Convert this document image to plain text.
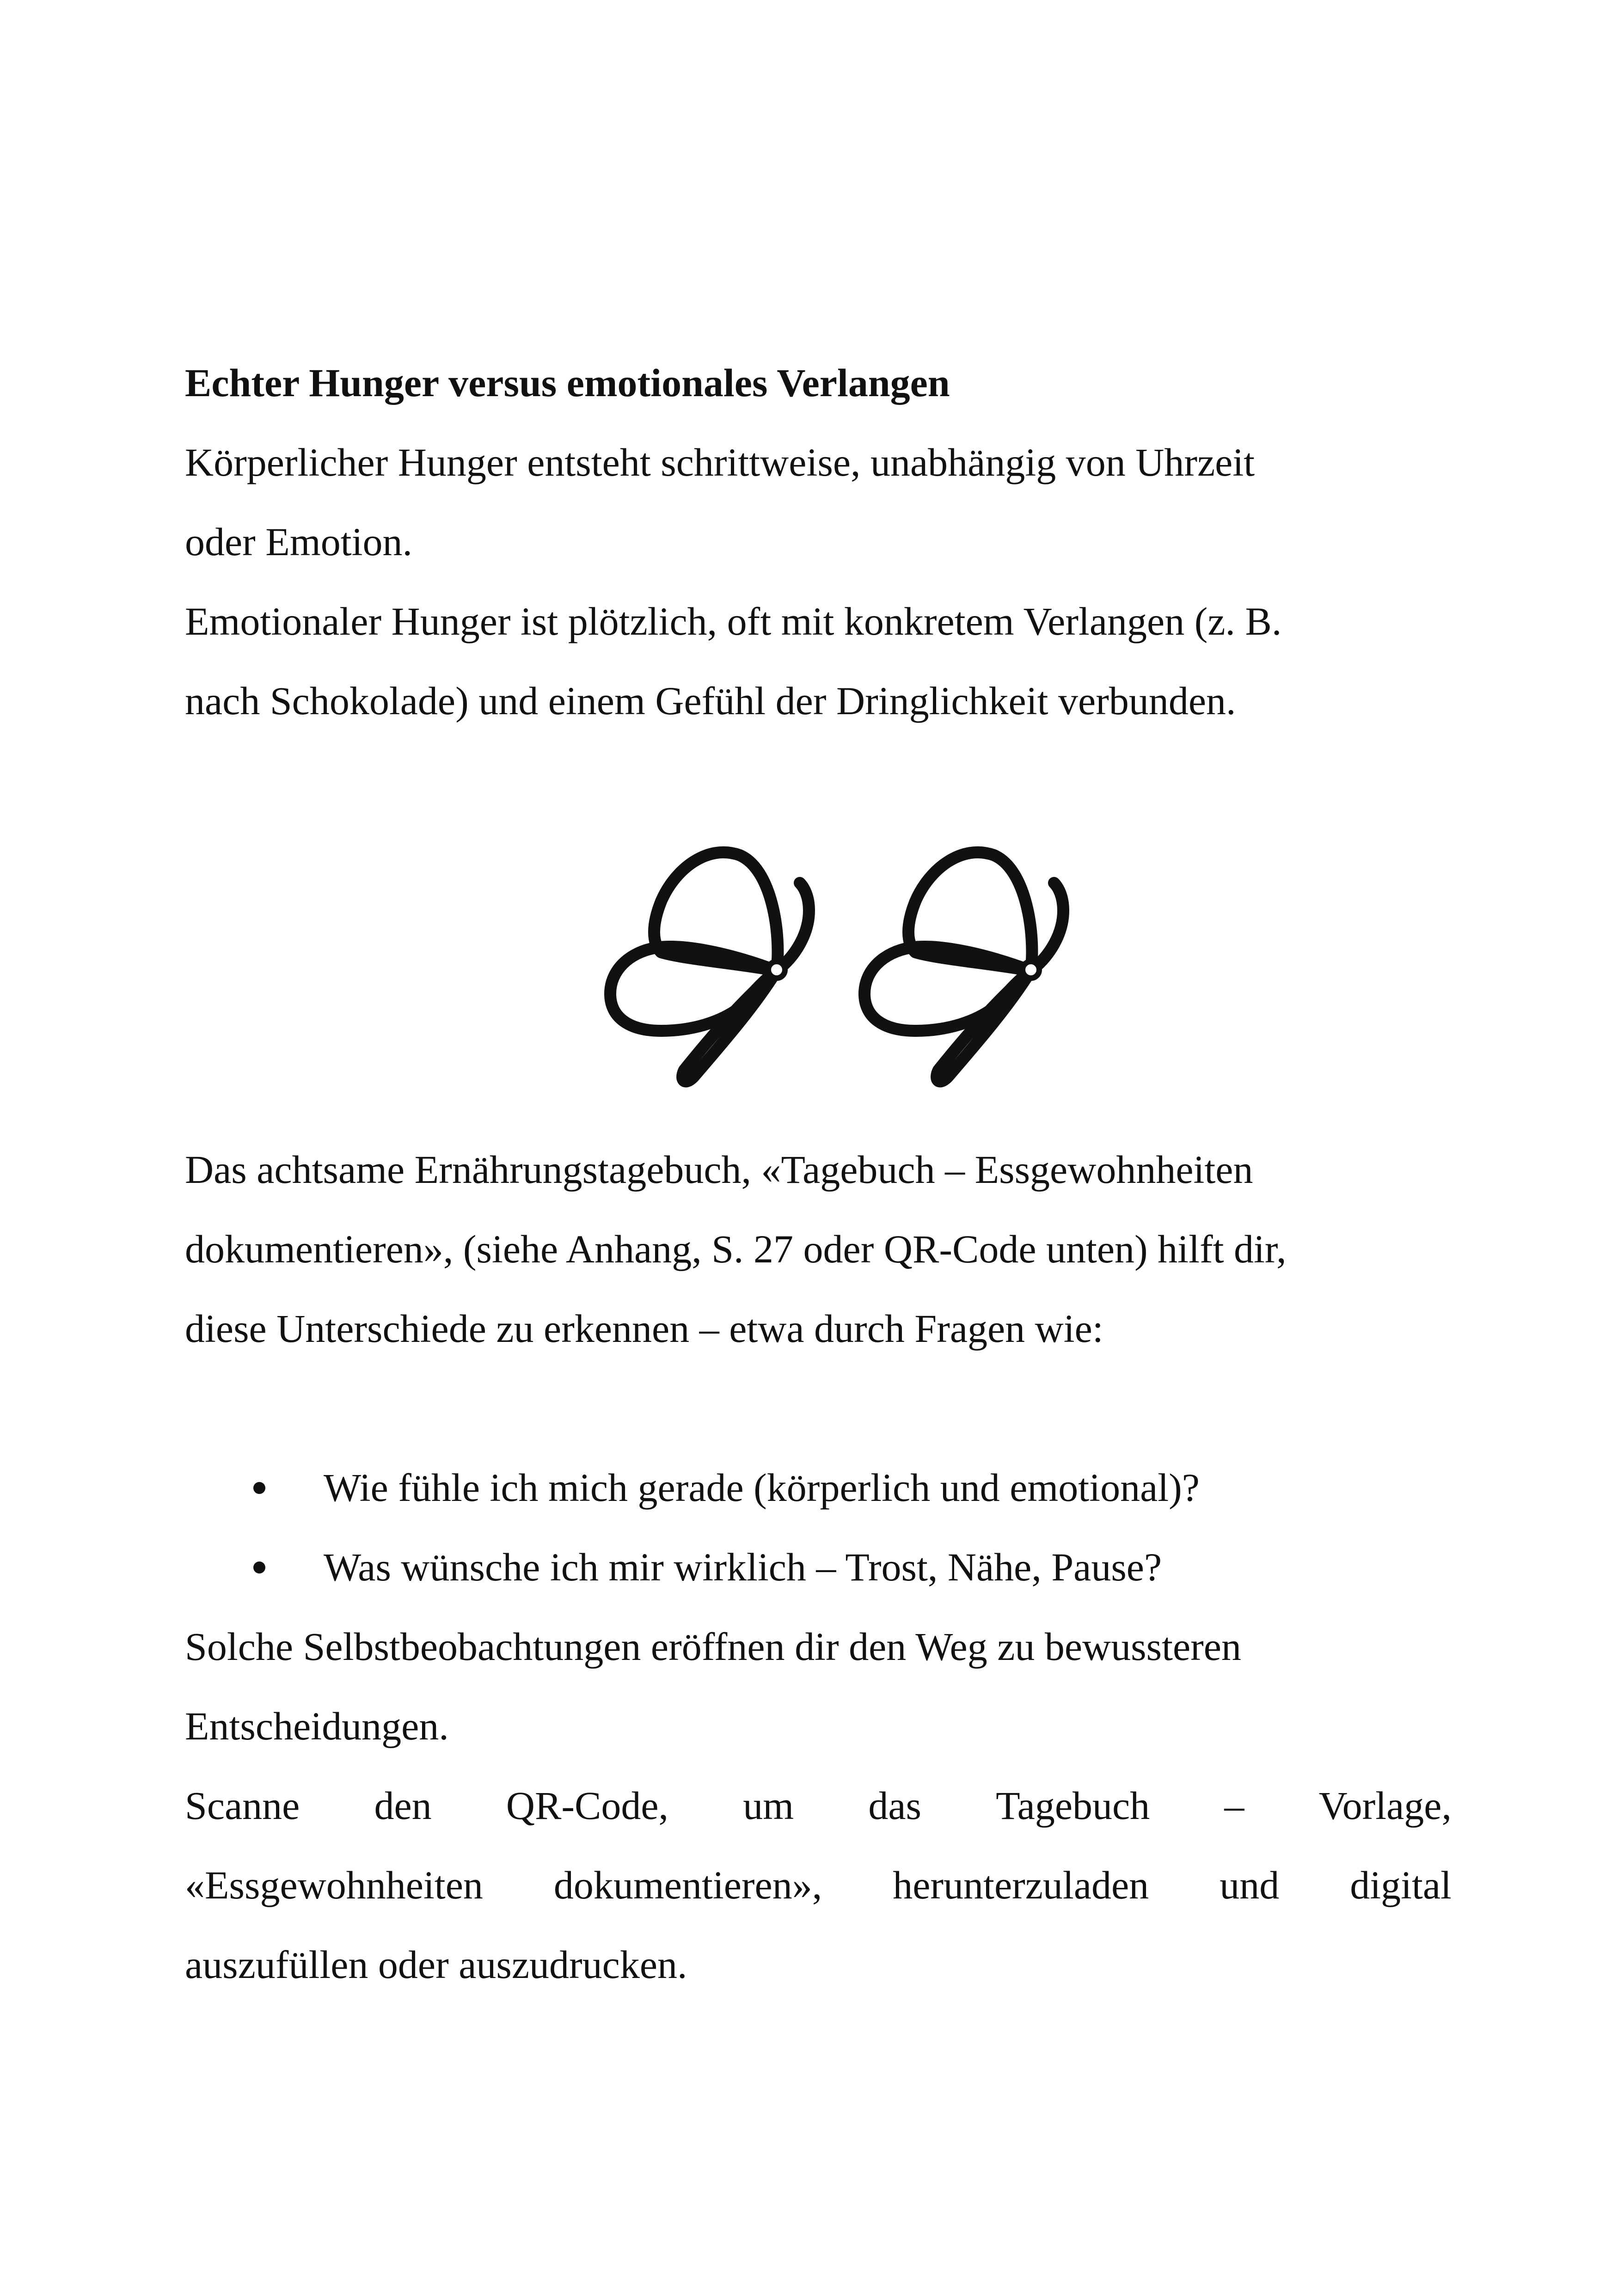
Echter Hunger versus emotionales Verlangen
Körperlicher Hunger entsteht schrittweise, unabhängig von Uhrzeit
oder Emotion.
Emotionaler Hunger ist plötzlich, oft mit konkretem Verlangen (z. B.
nach Schokolade) und einem Gefühl der Dringlichkeit verbunden.
Das achtsame Ernährungstagebuch, «Tagebuch – Essgewohnheiten
dokumentieren», (siehe Anhang, S. 27 oder QR-Code unten) hilft dir,
diese Unterschiede zu erkennen – etwa durch Fragen wie:
Wie fühle ich mich gerade (körperlich und emotional)?
Was wünsche ich mir wirklich – Trost, Nähe, Pause?
Solche Selbstbeobachtungen eröffnen dir den Weg zu bewussteren
Entscheidungen.
Scanne den QR-Code, um das Tagebuch – Vorlage,
«Essgewohnheiten dokumentieren», herunterzuladen und digital
auszufüllen oder auszudrucken.
